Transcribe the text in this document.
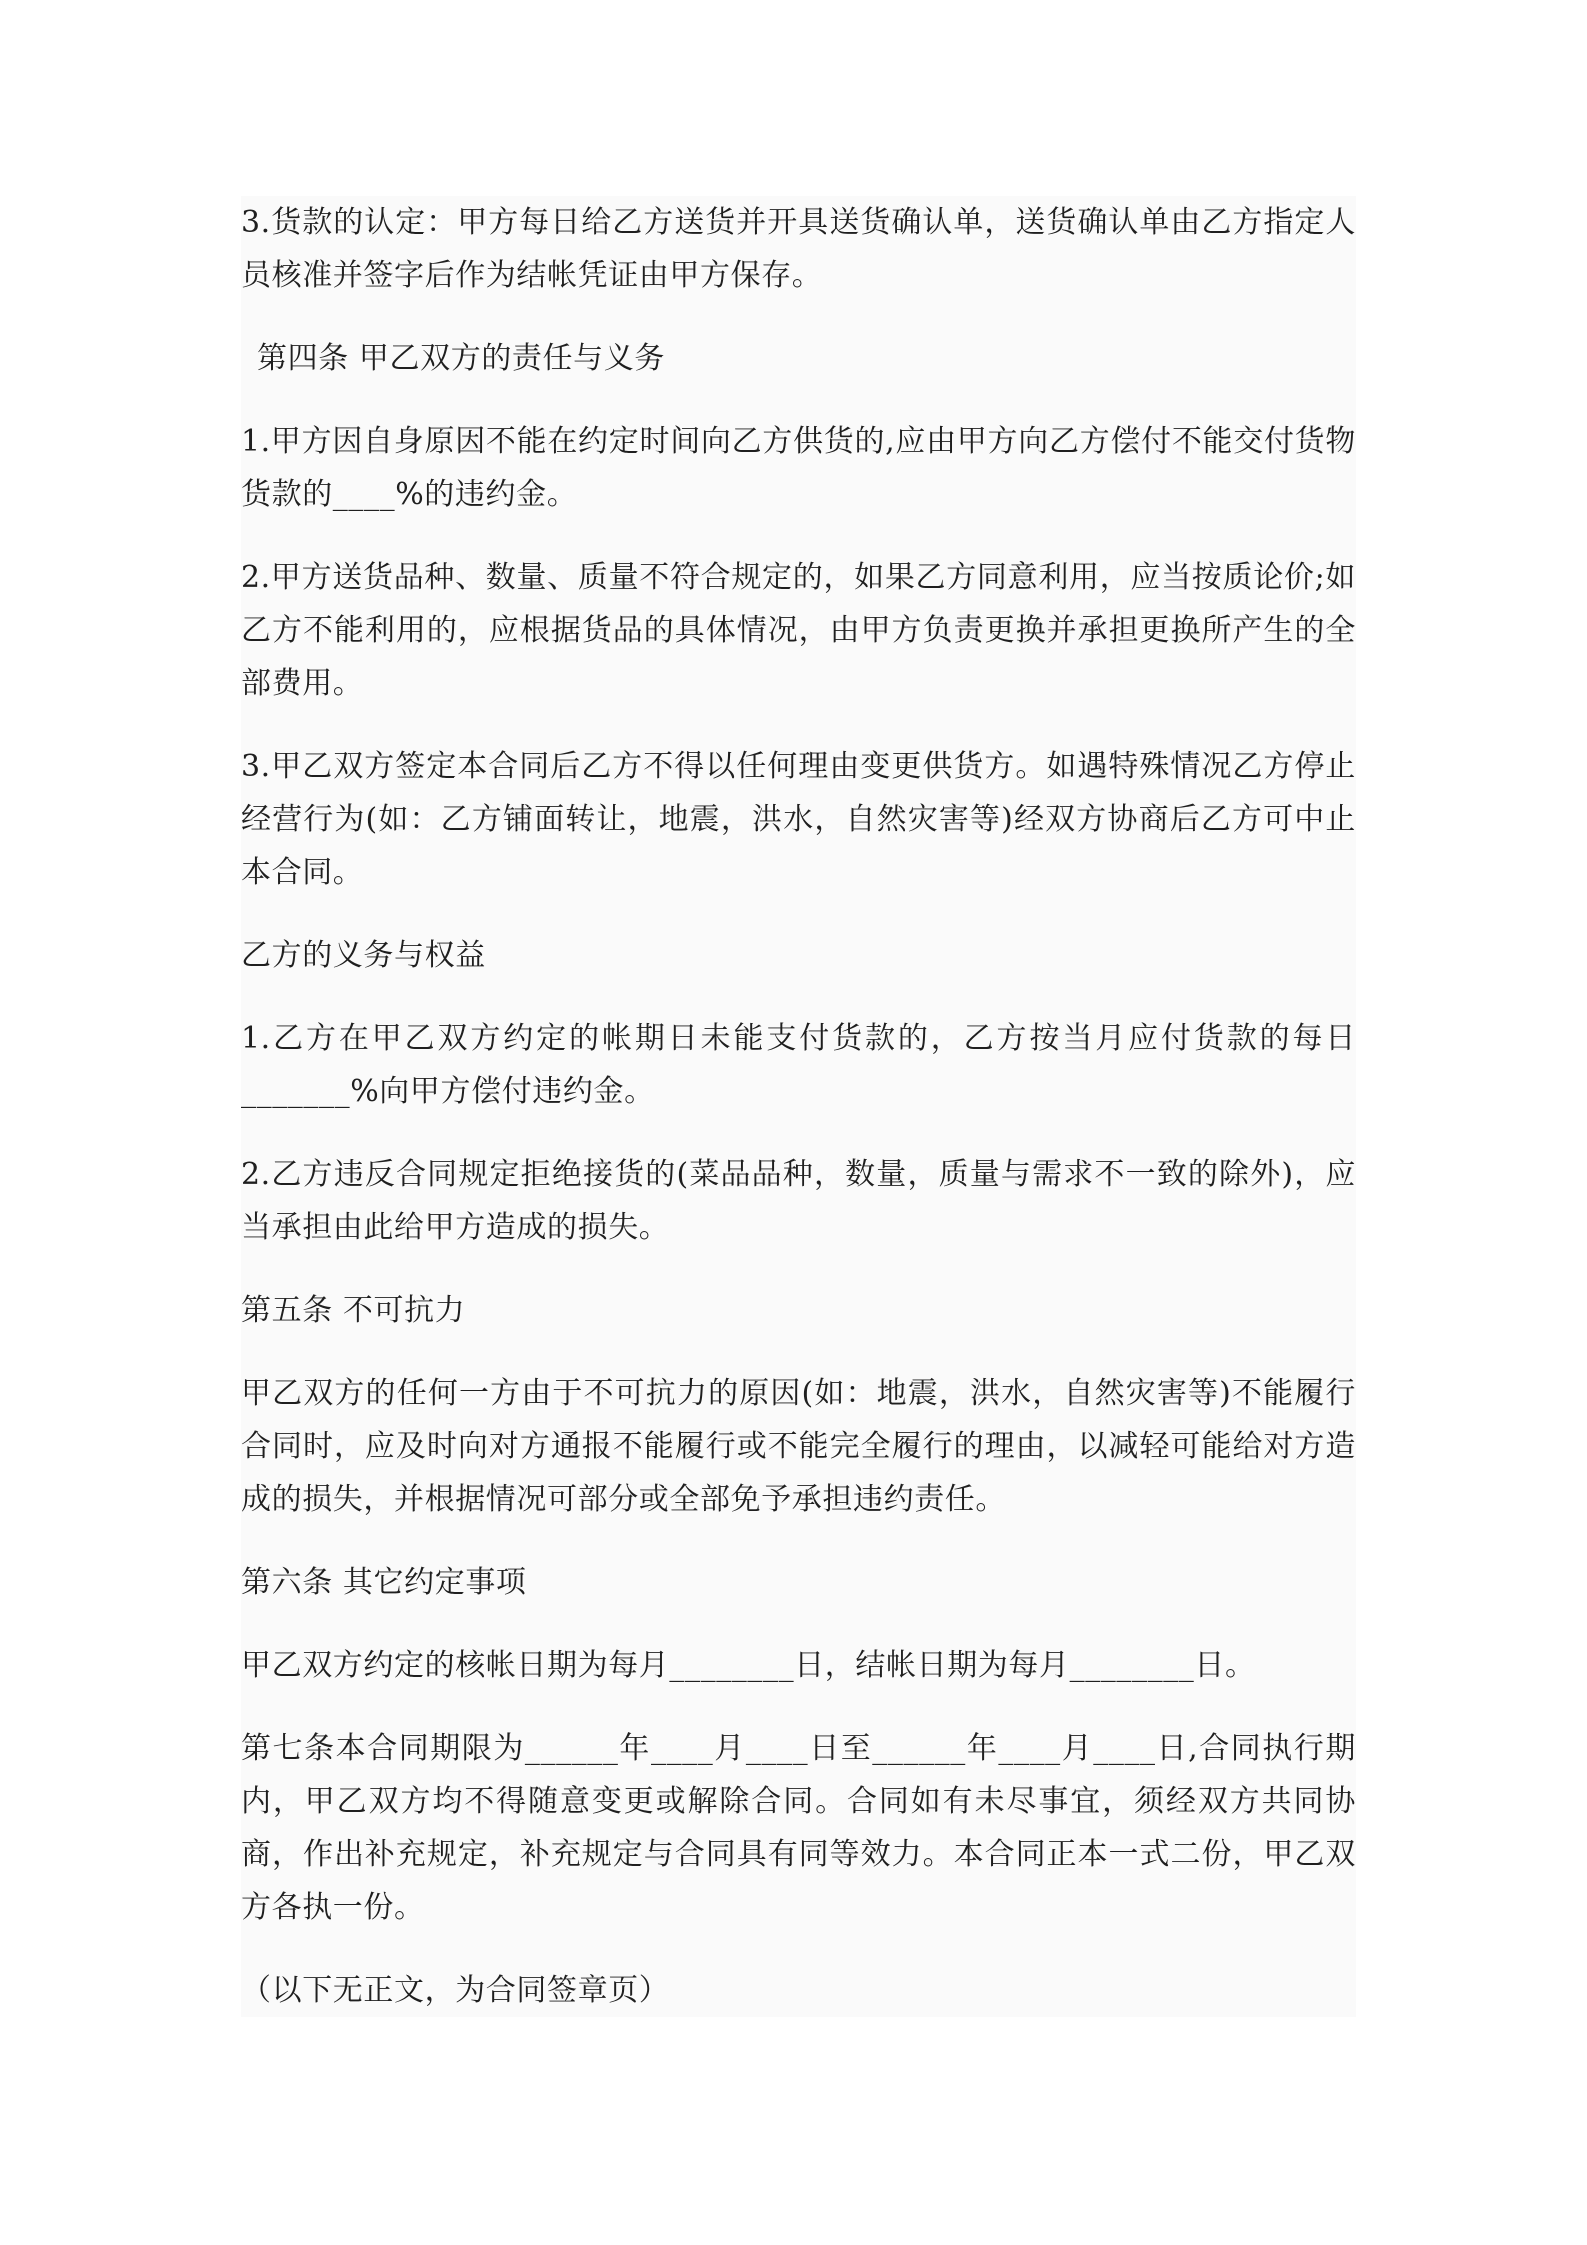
3.货款的认定：甲方每日给乙方送货并开具送货确认单，送货确认单由乙方指定人员核准并签字后作为结帐凭证由甲方保存。

第四条 甲乙双方的责任与义务

1.甲方因自身原因不能在约定时间向乙方供货的,应由甲方向乙方偿付不能交付货物货款的____%的违约金。

2.甲方送货品种、数量、质量不符合规定的，如果乙方同意利用，应当按质论价;如乙方不能利用的，应根据货品的具体情况，由甲方负责更换并承担更换所产生的全部费用。

3.甲乙双方签定本合同后乙方不得以任何理由变更供货方。如遇特殊情况乙方停止经营行为(如：乙方铺面转让，地震，洪水，自然灾害等)经双方协商后乙方可中止本合同。

乙方的义务与权益

1.乙方在甲乙双方约定的帐期日未能支付货款的，乙方按当月应付货款的每日_______%向甲方偿付违约金。

2.乙方违反合同规定拒绝接货的(菜品品种，数量，质量与需求不一致的除外)，应当承担由此给甲方造成的损失。

第五条 不可抗力

甲乙双方的任何一方由于不可抗力的原因(如：地震，洪水，自然灾害等)不能履行合同时，应及时向对方通报不能履行或不能完全履行的理由，以减轻可能给对方造成的损失，并根据情况可部分或全部免予承担违约责任。

第六条 其它约定事项

甲乙双方约定的核帐日期为每月________日，结帐日期为每月________日。

第七条本合同期限为______年____月____日至______年____月____日,合同执行期内，甲乙双方均不得随意变更或解除合同。合同如有未尽事宜，须经双方共同协商，作出补充规定，补充规定与合同具有同等效力。本合同正本一式二份，甲乙双方各执一份。

（以下无正文，为合同签章页）
